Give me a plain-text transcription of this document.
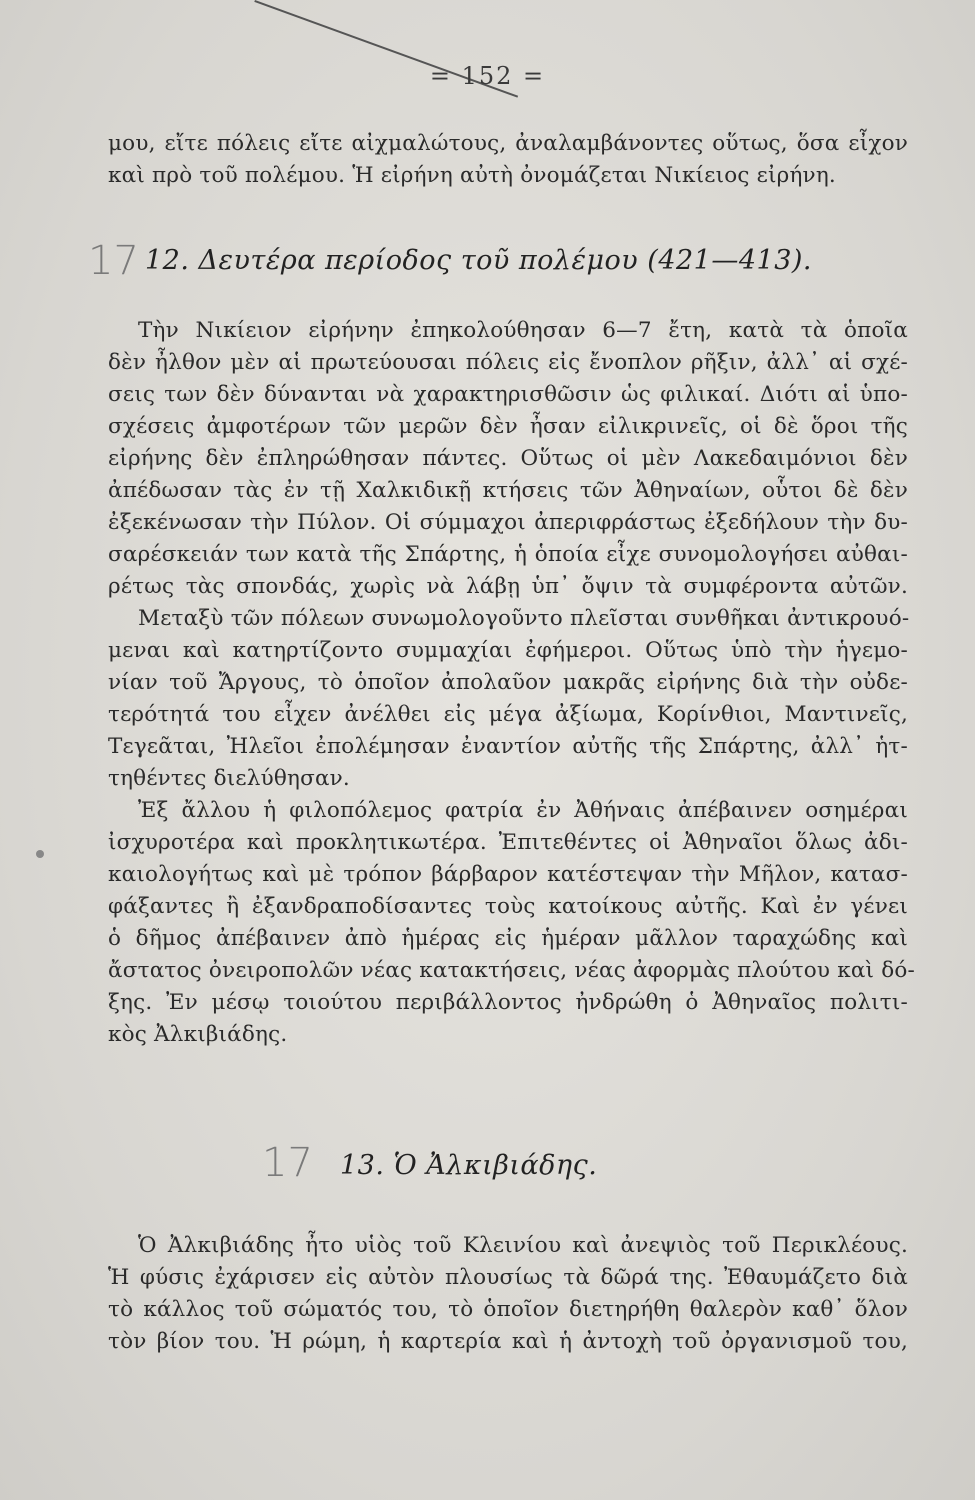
= 152 =
μου, εἴτε πόλεις εἴτε αἰχμαλώτους, ἀναλαμβάνοντες οὕτως, ὅσα εἶχον
καὶ πρὸ τοῦ πολέμου. Ἡ εἰρήνη αὐτὴ ὀνομάζεται Νικίειος εἰρήνη.
17 12. Δευτέρα περίοδος τοῦ πολέμου (421—413).
Τὴν Νικίειον εἰρήνην ἐπηκολούθησαν 6—7 ἔτη, κατὰ τὰ ὁποῖα
δὲν ἦλθον μὲν αἱ πρωτεύουσαι πόλεις εἰς ἔνοπλον ρῆξιν, ἀλλ᾽ αἱ σχέ-
σεις των δὲν δύνανται νὰ χαρακτηρισθῶσιν ὡς φιλικαί. Διότι αἱ ὑπο-
σχέσεις ἀμφοτέρων τῶν μερῶν δὲν ἦσαν εἰλικρινεῖς, οἱ δὲ ὅροι τῆς
εἰρήνης δὲν ἐπληρώθησαν πάντες. Οὕτως οἱ μὲν Λακεδαιμόνιοι δὲν
ἀπέδωσαν τὰς ἐν τῇ Χαλκιδικῇ κτήσεις τῶν Ἀθηναίων, οὗτοι δὲ δὲν
ἐξεκένωσαν τὴν Πύλον. Οἱ σύμμαχοι ἀπεριφράστως ἐξεδήλουν τὴν δυ-
σαρέσκειάν των κατὰ τῆς Σπάρτης, ἡ ὁποία εἶχε συνομολογήσει αὐθαι-
ρέτως τὰς σπονδάς, χωρὶς νὰ λάβῃ ὑπ᾽ ὄψιν τὰ συμφέροντα αὐτῶν.
Μεταξὺ τῶν πόλεων συνωμολογοῦντο πλεῖσται συνθῆκαι ἀντικρουό-
μεναι καὶ κατηρτίζοντο συμμαχίαι ἐφήμεροι. Οὕτως ὑπὸ τὴν ἡγεμο-
νίαν τοῦ Ἄργους, τὸ ὁποῖον ἀπολαῦον μακρᾶς εἰρήνης διὰ τὴν οὐδε-
τερότητά του εἶχεν ἀνέλθει εἰς μέγα ἀξίωμα, Κορίνθιοι, Μαντινεῖς,
Τεγεᾶται, Ἠλεῖοι ἐπολέμησαν ἐναντίον αὐτῆς τῆς Σπάρτης, ἀλλ᾽ ἡτ-
τηθέντες διελύθησαν.
Ἐξ ἄλλου ἡ φιλοπόλεμος φατρία ἐν Ἀθήναις ἀπέβαινεν οσημέραι
ἰσχυροτέρα καὶ προκλητικωτέρα. Ἐπιτεθέντες οἱ Ἀθηναῖοι ὅλως ἀδι-
καιολογήτως καὶ μὲ τρόπον βάρβαρον κατέστεψαν τὴν Μῆλον, κατασ-
φάξαντες ἢ ἐξανδραποδίσαντες τοὺς κατοίκους αὐτῆς. Καὶ ἐν γένει
ὁ δῆμος ἀπέβαινεν ἀπὸ ἡμέρας εἰς ἡμέραν μᾶλλον ταραχώδης καὶ
ἄστατος ὀνειροπολῶν νέας κατακτήσεις, νέας ἀφορμὰς πλούτου καὶ δό-
ξης. Ἐν μέσῳ τοιούτου περιβάλλοντος ἠνδρώθη ὁ Ἀθηναῖος πολιτι-
κὸς Ἀλκιβιάδης.
17 13. Ὁ Ἀλκιβιάδης.
Ὁ Ἀλκιβιάδης ἦτο υἱὸς τοῦ Κλεινίου καὶ ἀνεψιὸς τοῦ Περικλέους.
Ἡ φύσις ἐχάρισεν εἰς αὐτὸν πλουσίως τὰ δῶρά της. Ἐθαυμάζετο διὰ
τὸ κάλλος τοῦ σώματός του, τὸ ὁποῖον διετηρήθη θαλερὸν καθ᾽ ὅλον
τὸν βίον του. Ἡ ρώμη, ἡ καρτερία καὶ ἡ ἀντοχὴ τοῦ ὀργανισμοῦ του,
